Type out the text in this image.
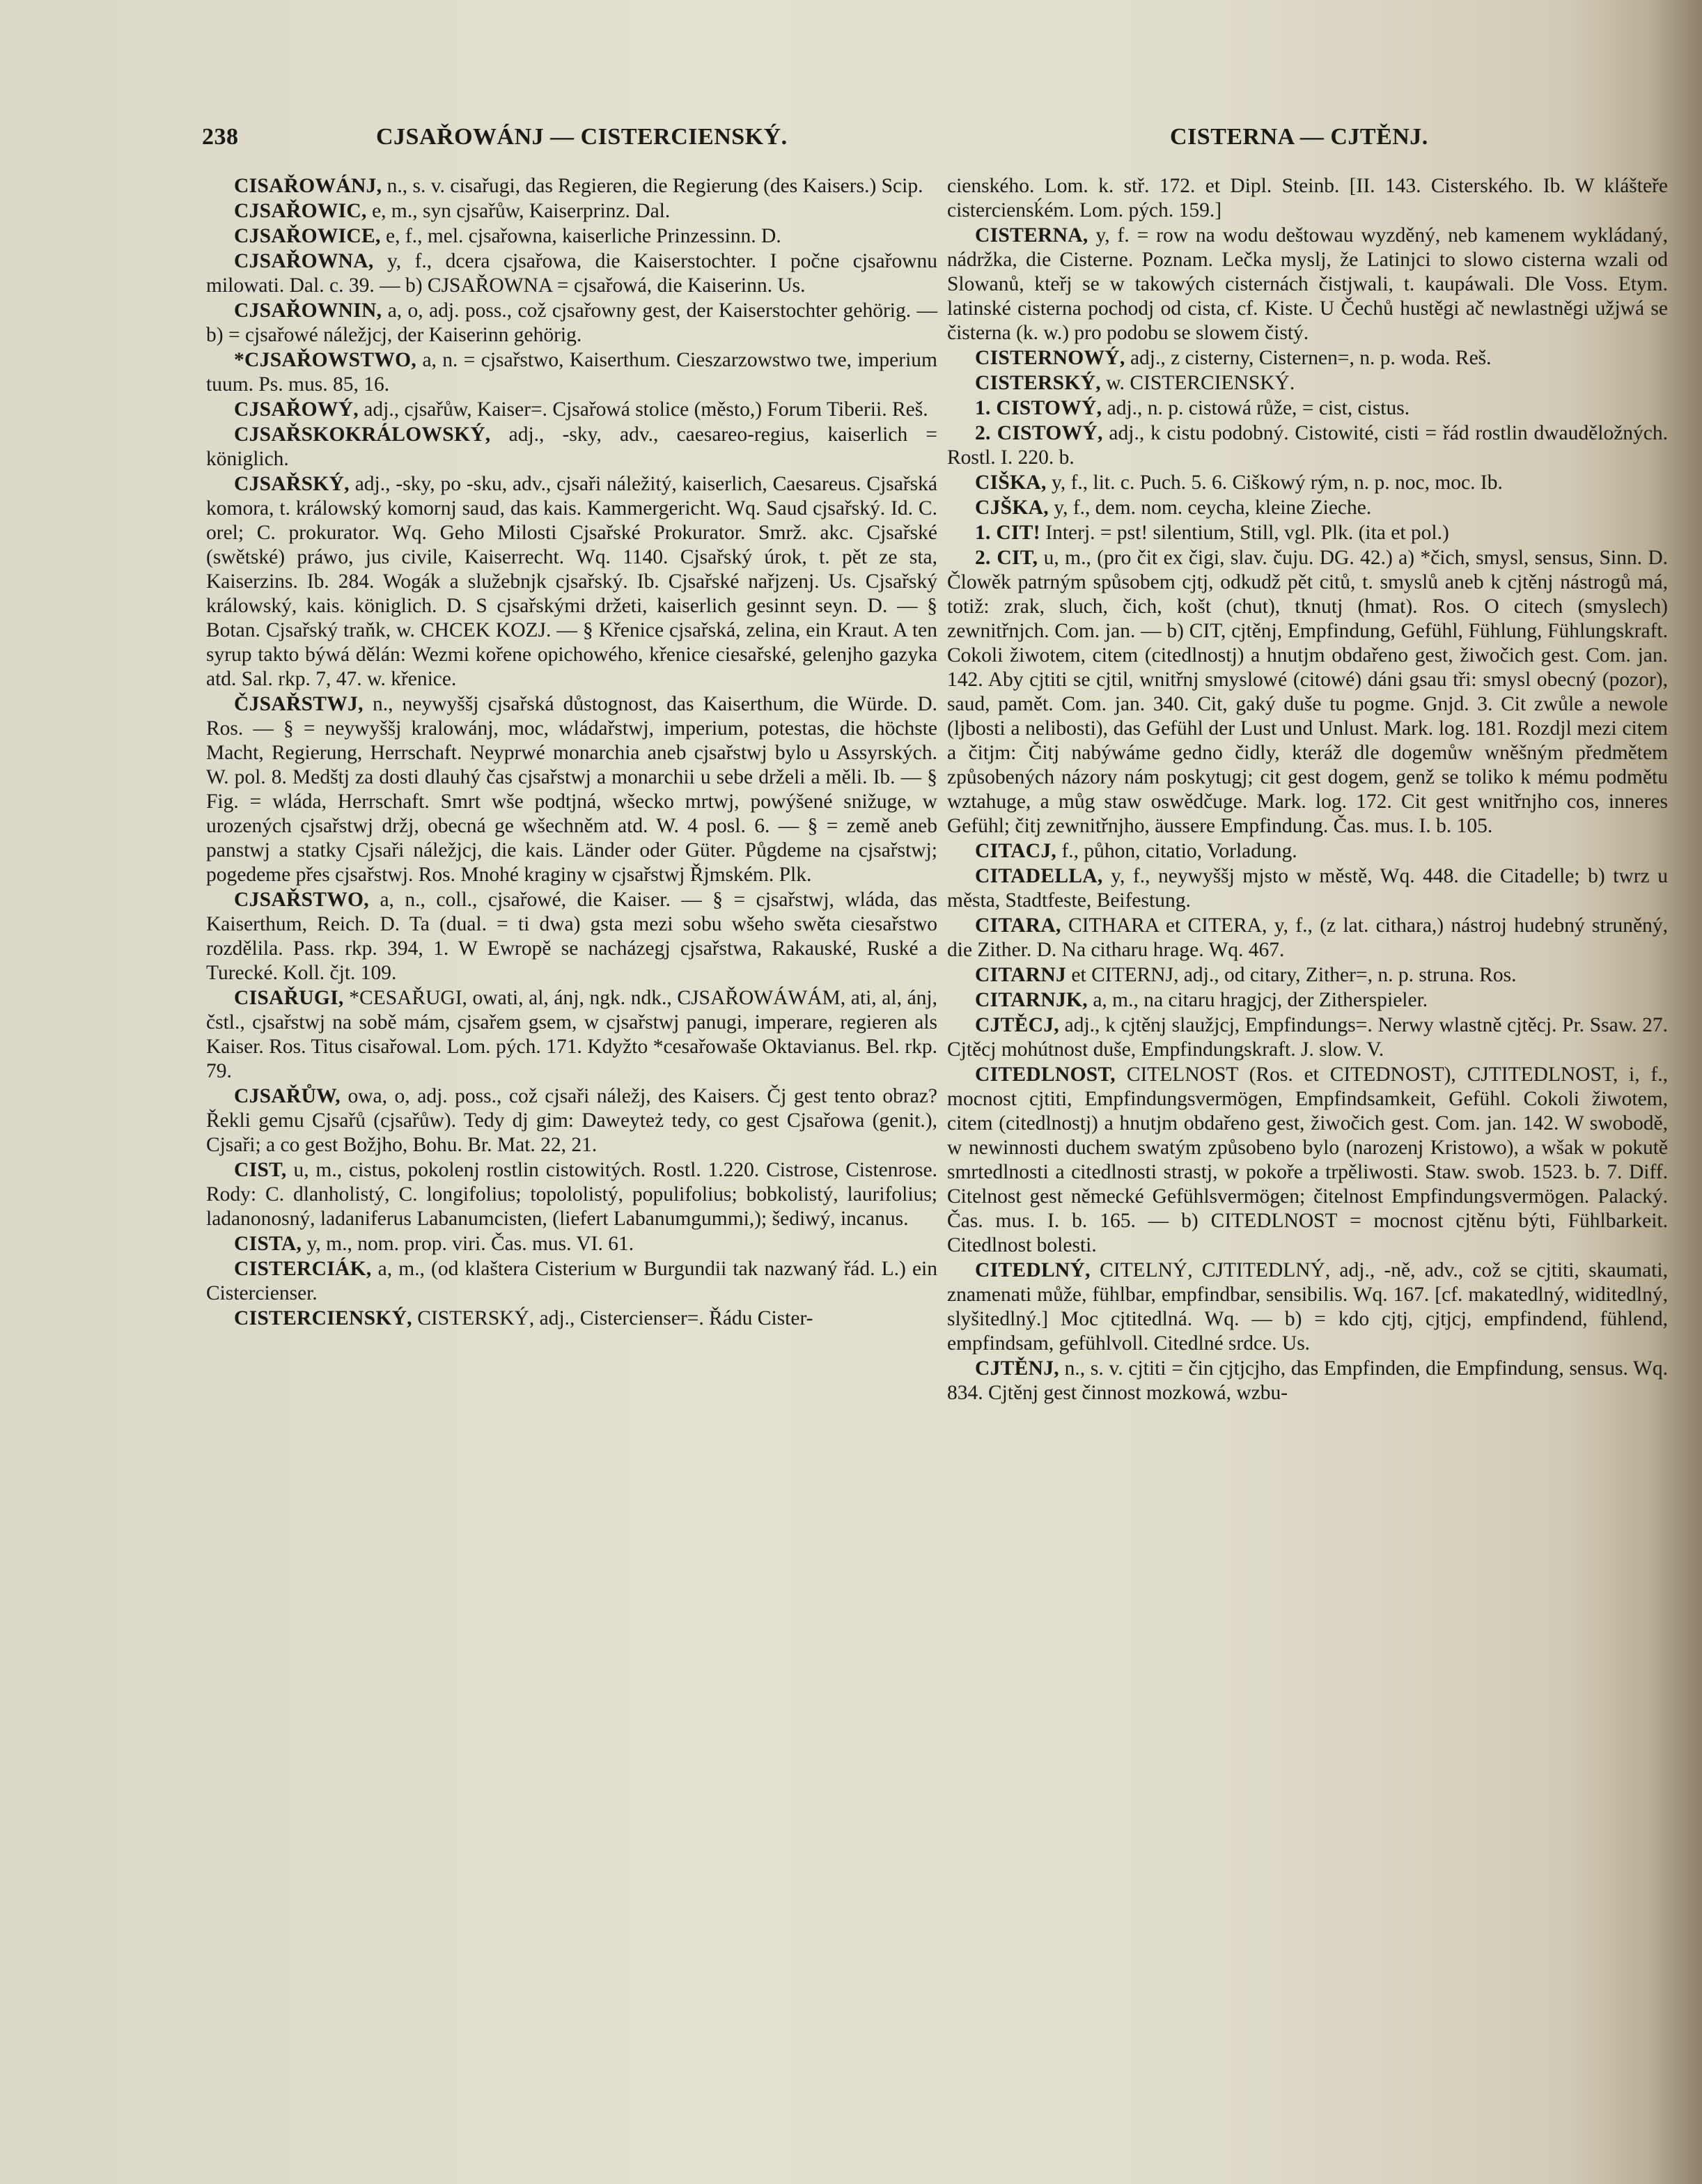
238	CJSAŘOWÁNJ — CISTERCIENSKÝ.	CISTERNA — CJTĚNJ.

CISAŘOWÁNJ, n., s. v. cisařugi, das Regieren, die Regierung (des Kaisers.) Scip.

CJSAŘOWIC, e, m., syn cjsařůw, Kaiserprinz. Dal.

CJSAŘOWICE, e, f., mel. cjsařowna, kaiserliche Prinzessinn. D.

CJSAŘOWNA, y, f., dcera cjsařowa, die Kaiserstochter. I počne cjsařownu milowati. Dal. c. 39. — b) CJSAŘOWNA = cjsařowá, die Kaiserinn. Us.

CJSAŘOWNIN, a, o, adj. poss., což cjsařowny gest, der Kaiserstochter gehörig. — b) = cjsařowé náležjcj, der Kaiserinn gehörig.

*CJSAŘOWSTWO, a, n. = cjsařstwo, Kaiserthum. Cieszarzowstwo twe, imperium tuum. Ps. mus. 85, 16.

CJSAŘOWÝ, adj., cjsařůw, Kaiser=. Cjsařowá stolice (město,) Forum Tiberii. Reš.

CJSAŘSKOKRÁLOWSKÝ, adj., -sky, adv., caesareo-regius, kaiserlich = königlich.

CJSAŘSKÝ, adj., -sky, po -sku, adv., cjsaři náležitý, kaiserlich, Caesareus. Cjsařská komora, t. králowský komornj saud, das kais. Kammergericht. Wq. Saud cjsařský. Id. C. orel; C. prokurator. Wq. Geho Milosti Cjsařské Prokurator. Smrž. akc. Cjsařské (swětské) práwo, jus civile, Kaiserrecht. Wq. 1140. Cjsařský úrok, t. pět ze sta, Kaiserzins. Ib. 284. Wogák a služebnjk cjsařský. Ib. Cjsařské nařjzenj. Us. Cjsařský králowský, kais. königlich. D. S cjsařskými držeti, kaiserlich gesinnt seyn. D. — § Botan. Cjsařský traňk, w. CHCEK KOZJ. — § Křenice cjsařská, zelina, ein Kraut. A ten syrup takto býwá dělán: Wezmi kořene opichowého, křenice ciesařské, gelenjho gazyka atd. Sal. rkp. 7, 47. w. křenice.

ČJSAŘSTWJ, n., neywyššj cjsařská důstognost, das Kaiserthum, die Würde. D. Ros. — § = neywyššj kralowánj, moc, wládařstwj, imperium, potestas, die höchste Macht, Regierung, Herrschaft. Neyprwé monarchia aneb cjsařstwj bylo u Assyrských. W. pol. 8. Medštj za dosti dlauhý čas cjsařstwj a monarchii u sebe drželi a měli. Ib. — § Fig. = wláda, Herrschaft. Smrt wše podtjná, wšecko mrtwj, powýšené snižuge, w urozených cjsařstwj držj, obecná ge wšechněm atd. W. 4 posl. 6. — § = země aneb panstwj a statky Cjsaři náležjcj, die kais. Länder oder Güter. Půgdeme na cjsařstwj; pogedeme přes cjsařstwj. Ros. Mnohé kraginy w cjsařstwj Řjmském. Plk.

CJSAŘSTWO, a, n., coll., cjsařowé, die Kaiser. — § = cjsařstwj, wláda, das Kaiserthum, Reich. D. Ta (dual. = ti dwa) gsta mezi sobu wšeho swěta ciesařstwo rozdělila. Pass. rkp. 394, 1. W Ewropě se nacházegj cjsařstwa, Rakauské, Ruské a Turecké. Koll. čjt. 109.

CISAŘUGI, *CESAŘUGI, owati, al, ánj, ngk. ndk., CJSAŘOWÁWÁM, ati, al, ánj, čstl., cjsařstwj na sobě mám, cjsařem gsem, w cjsařstwj panugi, imperare, regieren als Kaiser. Ros. Titus cisařowal. Lom. pých. 171. Kdyžto *cesařowaše Oktavianus. Bel. rkp. 79.

CJSAŘŮW, owa, o, adj. poss., což cjsaři náležj, des Kaisers. Čj gest tento obraz? Řekli gemu Cjsařů (cjsařůw). Tedy dj gim: Daweyteż tedy, co gest Cjsařowa (genit.), Cjsaři; a co gest Božjho, Bohu. Br. Mat. 22, 21.

CIST, u, m., cistus, pokolenj rostlin cistowitých. Rostl. 1.220. Cistrose, Cistenrose. Rody: C. dlanholistý, C. longifolius; topololistý, populifolius; bobkolistý, laurifolius; ladanonosný, ladaniferus Labanumcisten, (liefert Labanumgummi,); šediwý, incanus.

CISTA, y, m., nom. prop. viri. Čas. mus. VI. 61.

CISTERCIÁK, a, m., (od klaštera Cisterium w Burgundii tak nazwaný řád. L.) ein Cistercienser.

CISTERCIENSKÝ, CISTERSKÝ, adj., Cistercienser=. Řádu Cister-

cienského. Lom. k. stř. 172. et Dipl. Steinb. [II. 143. Cisterského. Ib. W klášteře cisterciensḱém. Lom. pých. 159.]

CISTERNA, y, f. = row na wodu deštowau wyzděný, neb kamenem wykládaný, nádržka, die Cisterne. Poznam. Lečka myslj, že Latinjci to slowo cisterna wzali od Slowanů, kteřj se w takowých cisternách čistjwali, t. kaupáwali. Dle Voss. Etym. latinské cisterna pochodj od cista, cf. Kiste. U Čechů hustěgi ač newlastněgi užjwá se čisterna (k. w.) pro podobu se slowem čistý.

CISTERNOWÝ, adj., z cisterny, Cisternen=, n. p. woda. Reš.

CISTERSKÝ, w. CISTERCIENSKÝ.

1. CISTOWÝ, adj., n. p. cistowá růže, = cist, cistus.

2. CISTOWÝ, adj., k cistu podobný. Cistowité, cisti = řád rostlin dwauděložných. Rostl. I. 220. b.

CIŠKA, y, f., lit. c. Puch. 5. 6. Ciškowý rým, n. p. noc, moc. Ib.

CJŠKA, y, f., dem. nom. ceycha, kleine Zieche.

1. CIT! Interj. = pst! silentium, Still, vgl. Plk. (ita et pol.)

2. CIT, u, m., (pro čit ex čigi, slav. čuju. DG. 42.) a) *čich, smysl, sensus, Sinn. D. Člowěk patrným spůsobem cjtj, odkudž pět citů, t. smyslů aneb k cjtěnj nástrogů má, totiž: zrak, sluch, čich, košt (chut), tknutj (hmat). Ros. O citech (smyslech) zewnitřnjch. Com. jan. — b) CIT, cjtěnj, Empfindung, Gefühl, Fühlung, Fühlungskraft. Cokoli žiwotem, citem (citedlnostj) a hnutjm obdařeno gest, žiwočich gest. Com. jan. 142. Aby cjtiti se cjtil, wnitřnj smyslowé (citowé) dáni gsau tři: smysl obecný (pozor), saud, pamět. Com. jan. 340. Cit, gaký duše tu pogme. Gnjd. 3. Cit zwůle a newole (ljbosti a nelibosti), das Gefühl der Lust und Unlust. Mark. log. 181. Rozdjl mezi citem a čitjm: Čitj nabýwáme gedno čidly, kteráž dle dogemůw wněšným předmětem způsobených názory nám poskytugj; cit gest dogem, genž se toliko k mému podmětu wztahuge, a můg staw oswědčuge. Mark. log. 172. Cit gest wnitřnjho cos, inneres Gefühl; čitj zewnitřnjho, äussere Empfindung. Čas. mus. I. b. 105.

CITACJ, f., půhon, citatio, Vorladung.

CITADELLA, y, f., neywyššj mjsto w městě, Wq. 448. die Citadelle; b) twrz u města, Stadtfeste, Beifestung.

CITARA, CITHARA et CITERA, y, f., (z lat. cithara,) nástroj hudebný struněný, die Zither. D. Na citharu hrage. Wq. 467.

CITARNJ et CITERNJ, adj., od citary, Zither=, n. p. struna. Ros.

CITARNJK, a, m., na citaru hragjcj, der Zitherspieler.

CJTĚCJ, adj., k cjtěnj slaužjcj, Empfindungs=. Nerwy wlastně cjtěcj. Pr. Ssaw. 27. Cjtěcj mohútnost duše, Empfindungskraft. J. slow. V.

CITEDLNOST, CITELNOST (Ros. et CITEDNOST), CJTITEDLNOST, i, f., mocnost cjtiti, Empfindungsvermögen, Empfindsamkeit, Gefühl. Cokoli žiwotem, citem (citedlnostj) a hnutjm obdařeno gest, žiwočich gest. Com. jan. 142. W swobodě, w newinnosti duchem swatým způsobeno bylo (narozenj Kristowo), a wšak w pokutě smrtedlnosti a citedlnosti strastj, w pokoře a trpěliwosti. Staw. swob. 1523. b. 7. Diff. Citelnost gest německé Gefühlsvermögen; čitelnost Empfindungsvermögen. Palacký. Čas. mus. I. b. 165. — b) CITEDLNOST = mocnost cjtěnu býti, Fühlbarkeit. Citedlnost bolesti.

CITEDLNÝ, CITELNÝ, CJTITEDLNÝ, adj., -ně, adv., což se cjtiti, skaumati, znamenati může, fühlbar, empfindbar, sensibilis. Wq. 167. [cf. makatedlný, widitedlný, slyšitedlný.] Moc cjtitedlná. Wq. — b) = kdo cjtj, cjtjcj, empfindend, fühlend, empfindsam, gefühlvoll. Citedlné srdce. Us.

CJTĚNJ, n., s. v. cjtiti = čin cjtjcjho, das Empfinden, die Empfindung, sensus. Wq. 834. Cjtěnj gest činnost mozkowá, wzbu-
